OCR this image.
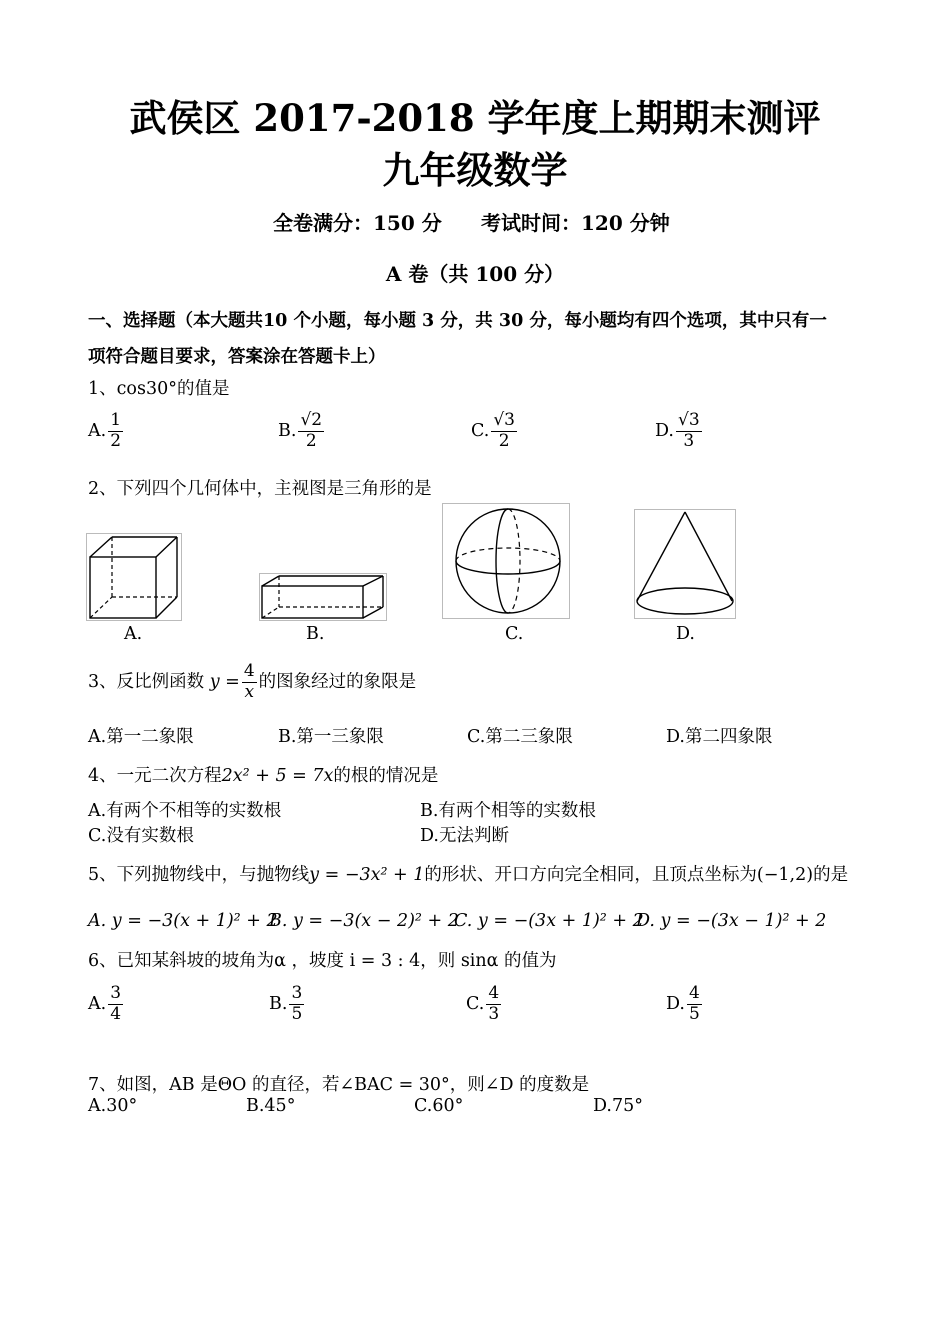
武侯区 2017-2018 学年度上期期末测评
九年级数学
全卷满分：150 分 考试时间：120 分钟
A 卷（共 100 分）
一、选择题（本大题共10 个小题，每小题 3 分，共 30 分，每小题均有四个选项，其中只有一
项符合题目要求，答案涂在答题卡上）
1、cos30°的值是
A. $\frac{1}{2}$	B. $\frac{√2}{2}$	C. $\frac{√3}{2}$	D. $\frac{√3}{3}$
2、下列四个几何体中，主视图是三角形的是
A.	B.	C.	D.
3、反比例函数 $y = \frac{4}{x}$ 的图象经过的象限是
A.第一二象限	B.第一三象限	C.第二三象限	D.第二四象限
4、一元二次方程2x² + 5 = 7x的根的情况是
A.有两个不相等的实数根	B.有两个相等的实数根
C.没有实数根	D.无法判断
5、下列抛物线中，与抛物线y = −3x² + 1的形状、开口方向完全相同，且顶点坐标为(−1,2)的是
A. y = −3(x + 1)² + 2
B. y = −3(x − 2)² + 2
C. y = −(3x + 1)² + 2
D. y = −(3x − 1)² + 2
6、已知某斜坡的坡角为α ，坡度 i = 3 : 4，则 sinα 的值为
A. $\frac{3}{4}$	B. $\frac{3}{5}$	C. $\frac{4}{3}$	D. $\frac{4}{5}$
7、如图，AB 是ΘO 的直径，若∠BAC = 30°，则∠D 的度数是
A.30°	B.45°	C.60°	D.75°
